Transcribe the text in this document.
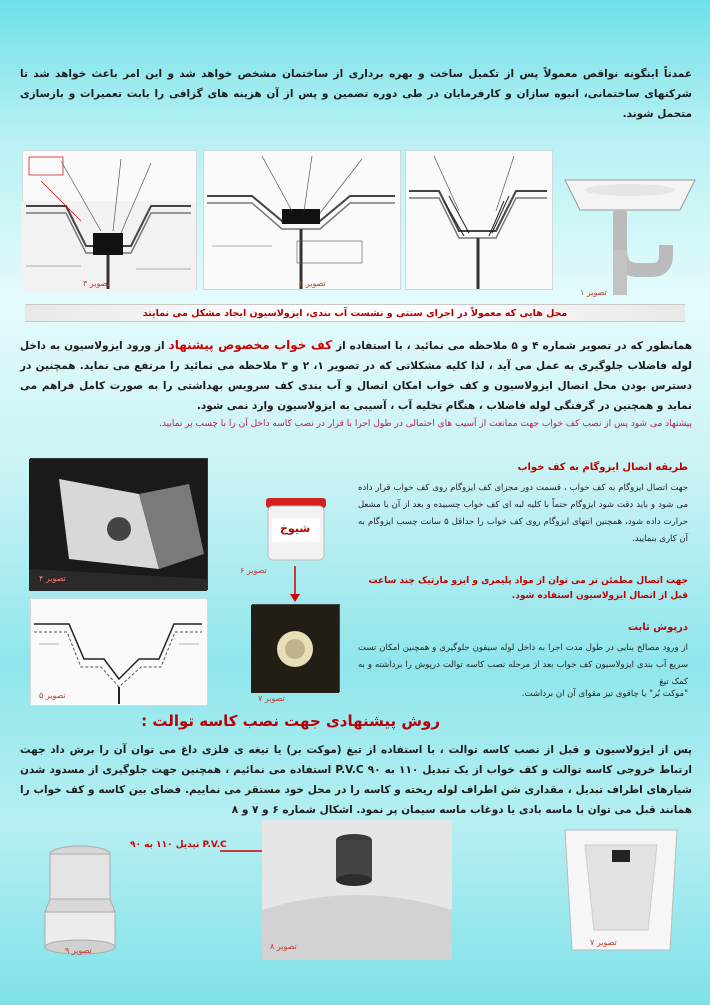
عمدتاً اینگونه نواقص معمولاً پس از تکمیل ساخت و بهره برداری از ساختمان مشخص خواهد شد و این امر باعث خواهد شد تا شرکتهای ساختمانی، انبوه سازان و کارفرمایان در طی دوره تضمین و پس از آن هزینه های گزافی را بابت تعمیرات و بازسازی متحمل شوند.

تصویر ۳	تصویر ۲
تصویر ۱
محل هایی که معمولاً در اجرای سنتی و نشست آب بندی، ایزولاسیون ایجاد مشکل می نمایند

همانطور که در تصویر شماره ۴ و ۵ ملاحظه می نمائید ، با استفاده از کف خواب مخصوص پیشنهاد از ورود ایزولاسیون به داخل لوله فاضلاب جلوگیری به عمل می آید ، لذا کلیه مشکلاتی که در تصویر ۱، ۲ و ۳ ملاحظه می نمائید را مرتفع می نماید. همچنین در دسترس بودن محل اتصال ایزولاسیون و کف خواب امکان اتصال و آب بندی کف سرویس بهداشتی را به صورت کامل فراهم می نماید و همچنین در گرفتگی لوله فاضلاب ، هنگام تخلیه آب ، آسیبی به ایزولاسیون وارد نمی شود.

پیشنهاد می شود پس از نصب کف خواب جهت ممانعت از آسیب های احتمالی در طول اجرا با قرار در نصب کاسه داخل آن را با چسب پر نمایید.

تصویر ۴
تصویر ۵
شیوخ
تصویر ۶
تصویر ۷
طریقه اتصال ایزوگام به کف خواب

جهت اتصال ایزوگام به کف خواب ، قسمت دور مجزای کف ایزوگام روی کف خواب قرار داده می شود و باید دقت شود ایزوگام حتماً با کلیه لبه ای کف خواب چسبیده و بعد از آن با مشعل حرارت داده شود، همچنین انتهای ایزوگام روی کف خواب را حداقل ۵ سانت چسب ایزوگام به آن کاری بنمایید.

جهت اتصال مطمئن تر می توان از مواد پلیمری و ایزو مارتیک چند ساعت قبل از اتصال ایزولاسیون استفاده شود.
درپوش ثابت

از ورود مصالح بنایی در طول مدت اجرا به داخل لوله سیفون جلوگیری و همچنین امکان تست سریع آب بندی ایزولاسیون کف خواب بعد از مرحله نصب کاسه توالت درپوش را برداشته و به کمک تیغ

"موکت بُر" یا چاقوی تیز مقوای آن ان برداشت.

روش پیشنهادی جهت نصب کاسه توالت :

پس از ایزولاسیون و قبل از نصب کاسه توالت ، با استفاده از تیغ (موکت بر) یا تیغه ی فلزی داغ می توان آن را برش داد جهت ارتباط خروجی کاسه توالت و کف خواب از یک تبدیل ۱۱۰ به ۹۰ P.V.C استفاده می نمائیم ، همچنین جهت جلوگیری از مسدود شدن شیارهای اطراف تبدیل ، مقداری شن اطراف لوله ریخته و کاسه را در محل خود مستقر می نماییم. فضای بین کاسه و کف خواب را همانند قبل می توان با ماسه بادی یا دوغاب ماسه سیمان پر نمود. اشکال شماره ۶ و ۷ و ۸

تصویر ۹
تبدیل ۱۱۰ به ۹۰ P.V.C
تصویر ۸	تصویر ۷
